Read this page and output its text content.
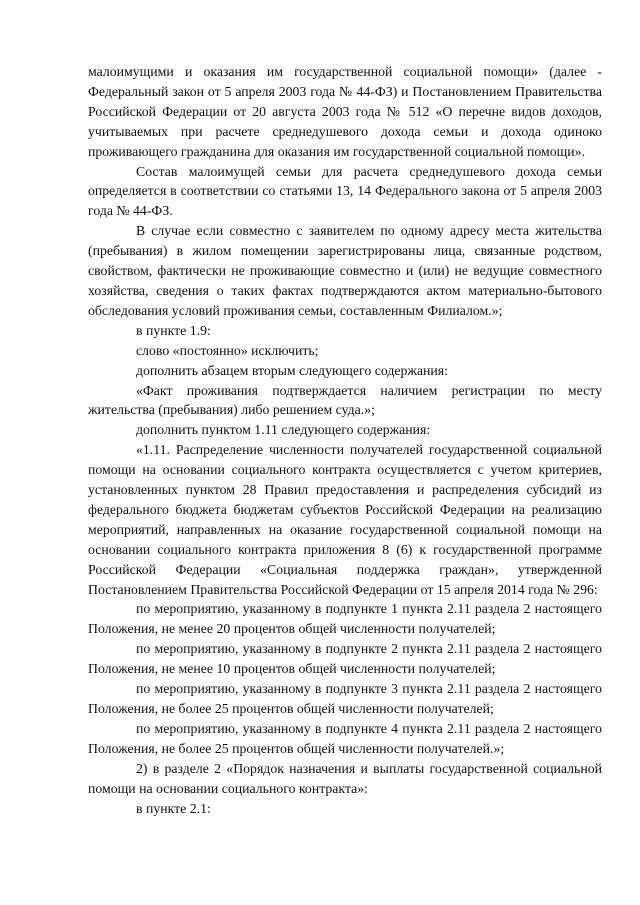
малоимущими и оказания им государственной социальной помощи» (далее - Федеральный закон от 5 апреля 2003 года № 44-ФЗ) и Постановлением Правительства Российской Федерации от 20 августа 2003 года № 512 «О перечне видов доходов, учитываемых при расчете среднедушевого дохода семьи и дохода одиноко проживающего гражданина для оказания им государственной социальной помощи».

Состав малоимущей семьи для расчета среднедушевого дохода семьи определяется в соответствии со статьями 13, 14 Федерального закона от 5 апреля 2003 года № 44-ФЗ.

В случае если совместно с заявителем по одному адресу места жительства (пребывания) в жилом помещении зарегистрированы лица, связанные родством, свойством, фактически не проживающие совместно и (или) не ведущие совместного хозяйства, сведения о таких фактах подтверждаются актом материально-бытового обследования условий проживания семьи, составленным Филиалом.»;

в пункте 1.9:

слово «постоянно» исключить;

дополнить абзацем вторым следующего содержания:

«Факт проживания подтверждается наличием регистрации по месту жительства (пребывания) либо решением суда.»;

дополнить пунктом 1.11 следующего содержания:

«1.11. Распределение численности получателей государственной социальной помощи на основании социального контракта осуществляется с учетом критериев, установленных пунктом 28 Правил предоставления и распределения субсидий из федерального бюджета бюджетам субъектов Российской Федерации на реализацию мероприятий, направленных на оказание государственной социальной помощи на основании социального контракта приложения 8 (6) к государственной программе Российской Федерации «Социальная поддержка граждан», утвержденной Постановлением Правительства Российской Федерации от 15 апреля 2014 года № 296:

по мероприятию, указанному в подпункте 1 пункта 2.11 раздела 2 настоящего Положения, не менее 20 процентов общей численности получателей;

по мероприятию, указанному в подпункте 2 пункта 2.11 раздела 2 настоящего Положения, не менее 10 процентов общей численности получателей;

по мероприятию, указанному в подпункте 3 пункта 2.11 раздела 2 настоящего Положения, не более 25 процентов общей численности получателей;

по мероприятию, указанному в подпункте 4 пункта 2.11 раздела 2 настоящего Положения, не более 25 процентов общей численности получателей.»;

2) в разделе 2 «Порядок назначения и выплаты государственной социальной помощи на основании социального контракта»:

в пункте 2.1:
